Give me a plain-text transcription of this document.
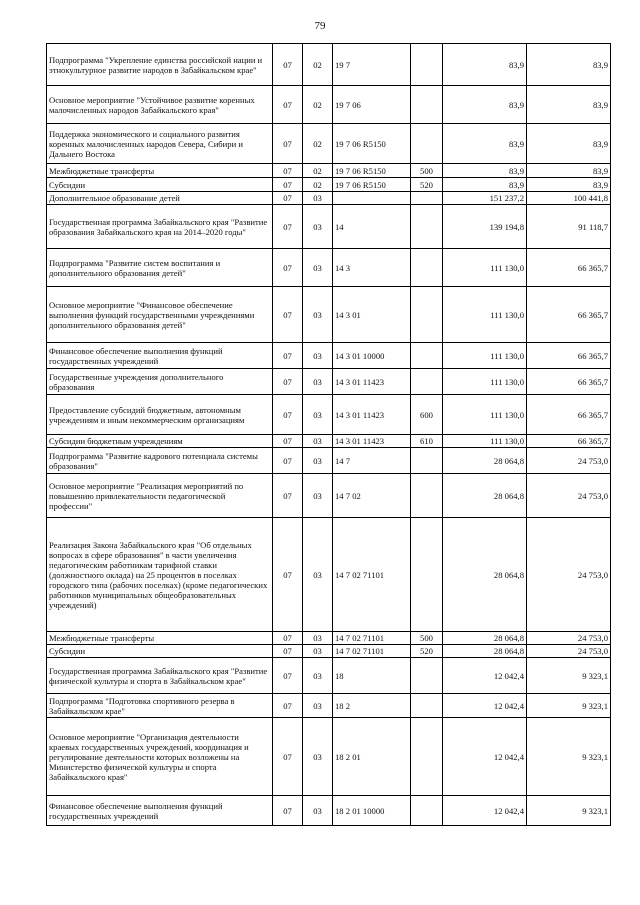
79
Подпрограмма "Укрепление единства российской нации и этнокультурное развитие народов в Забайкальском крае"	07	02	19 7		83,9	83,9
Основное мероприятие "Устойчивое развитие коренных малочисленных народов Забайкальского края"	07	02	19 7 06		83,9	83,9
Поддержка экономического и социального развития коренных малочисленных народов Севера, Сибири и Дальнего Востока	07	02	19 7 06 R5150		83,9	83,9
Межбюджетные трансферты	07	02	19 7 06 R5150	500	83,9	83,9
Субсидии	07	02	19 7 06 R5150	520	83,9	83,9
Дополнительное образование детей	07	03			151 237,2	100 441,8
Государственная программа Забайкальского края "Развитие образования Забайкальского края на 2014–2020 годы"	07	03	14		139 194,8	91 118,7
Подпрограмма "Развитие систем воспитания и дополнительного образования детей"	07	03	14 3		111 130,0	66 365,7
Основное мероприятие "Финансовое обеспечение выполнения функций государственными учреждениями дополнительного образования детей"	07	03	14 3 01		111 130,0	66 365,7
Финансовое обеспечение выполнения функций государственных учреждений	07	03	14 3 01 10000		111 130,0	66 365,7
Государственные учреждения дополнительного образования	07	03	14 3 01 11423		111 130,0	66 365,7
Предоставление субсидий бюджетным, автономным учреждениям и иным некоммерческим организациям	07	03	14 3 01 11423	600	111 130,0	66 365,7
Субсидии бюджетным учреждениям	07	03	14 3 01 11423	610	111 130,0	66 365,7
Подпрограмма "Развитие кадрового потенциала системы образования"	07	03	14 7		28 064,8	24 753,0
Основное мероприятие "Реализация мероприятий по повышению привлекательности педагогической профессии"	07	03	14 7 02		28 064,8	24 753,0
Реализация Закона Забайкальского края "Об отдельных вопросах в сфере образования" в части увеличения педагогическим работникам тарифной ставки (должностного оклада) на 25 процентов в поселках городского типа (рабочих поселках) (кроме педагогических работников муниципальных общеобразовательных учреждений)	07	03	14 7 02 71101		28 064,8	24 753,0
Межбюджетные трансферты	07	03	14 7 02 71101	500	28 064,8	24 753,0
Субсидии	07	03	14 7 02 71101	520	28 064,8	24 753,0
Государственная программа Забайкальского края "Развитие физической культуры и спорта в Забайкальском крае"	07	03	18		12 042,4	9 323,1
Подпрограмма "Подготовка спортивного резерва в Забайкальском крае"	07	03	18 2		12 042,4	9 323,1
Основное мероприятие "Организация деятельности краевых государственных учреждений, координация и регулирование деятельности которых возложены на Министерство физической культуры и спорта Забайкальского края"	07	03	18 2 01		12 042,4	9 323,1
Финансовое обеспечение выполнения функций государственных учреждений	07	03	18 2 01 10000		12 042,4	9 323,1
